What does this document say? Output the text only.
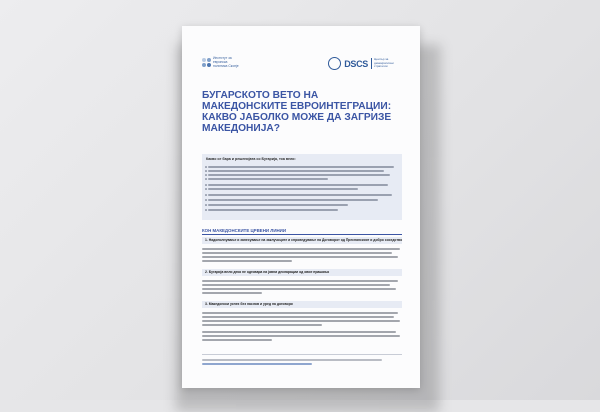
Институт за европска политика Скопје	DSCS	Център за демократични стратегии
БУГАРСКОТО ВЕТО НА МАКЕДОНСКИТЕ ЕВРОИНТЕГРАЦИИ: КАКВО ЈАБОЛКО МОЖЕ ДА ЗАГРИЗЕ МАКЕДОНИЈА?
Какво се бара и решенијата со Бугарија, тоа вели:
КОН МАКЕДОНСКИТЕ ЦРВЕНИ ЛИНИИ
1. Надополнување и занесување на заклучоците и спроведување на Договорот од Преспанскиот и добро соседство
2. Бугарија вели дека не одговара на јавни декларации од овие прашања
3. Македонски успех без наслов и уред на договори
